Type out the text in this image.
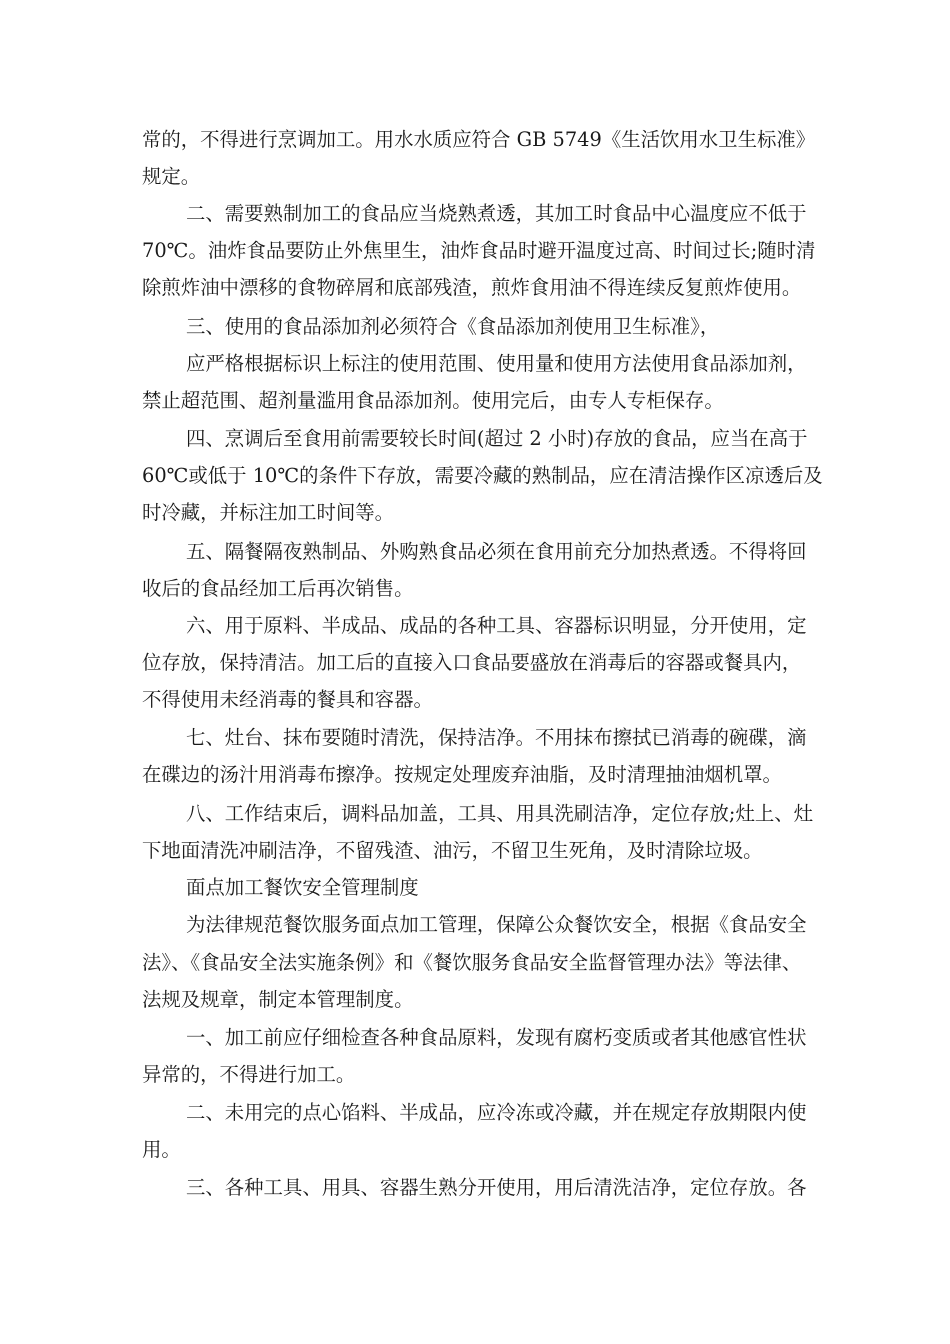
常的，不得进行烹调加工。用水水质应符合 GB 5749《生活饮用水卫生标准》
规定。
二、需要熟制加工的食品应当烧熟煮透，其加工时食品中心温度应不低于
70℃。油炸食品要防止外焦里生，油炸食品时避开温度过高、时间过长;随时清
除煎炸油中漂移的食物碎屑和底部残渣，煎炸食用油不得连续反复煎炸使用。
三、使用的食品添加剂必须符合《食品添加剂使用卫生标准》，
应严格根据标识上标注的使用范围、使用量和使用方法使用食品添加剂，
禁止超范围、超剂量滥用食品添加剂。使用完后，由专人专柜保存。
四、烹调后至食用前需要较长时间(超过 2 小时)存放的食品，应当在高于
60℃或低于 10℃的条件下存放，需要冷藏的熟制品，应在清洁操作区凉透后及
时冷藏，并标注加工时间等。
五、隔餐隔夜熟制品、外购熟食品必须在食用前充分加热煮透。不得将回
收后的食品经加工后再次销售。
六、用于原料、半成品、成品的各种工具、容器标识明显，分开使用，定
位存放，保持清洁。加工后的直接入口食品要盛放在消毒后的容器或餐具内，
不得使用未经消毒的餐具和容器。
七、灶台、抹布要随时清洗，保持洁净。不用抹布擦拭已消毒的碗碟，滴
在碟边的汤汁用消毒布擦净。按规定处理废弃油脂，及时清理抽油烟机罩。
八、工作结束后，调料品加盖，工具、用具洗刷洁净，定位存放;灶上、灶
下地面清洗冲刷洁净，不留残渣、油污，不留卫生死角，及时清除垃圾。
面点加工餐饮安全管理制度
为法律规范餐饮服务面点加工管理，保障公众餐饮安全，根据《食品安全
法》、《食品安全法实施条例》和《餐饮服务食品安全监督管理办法》等法律、
法规及规章，制定本管理制度。
一、加工前应仔细检查各种食品原料，发现有腐朽变质或者其他感官性状
异常的，不得进行加工。
二、未用完的点心馅料、半成品，应冷冻或冷藏，并在规定存放期限内使
用。
三、各种工具、用具、容器生熟分开使用，用后清洗洁净，定位存放。各
